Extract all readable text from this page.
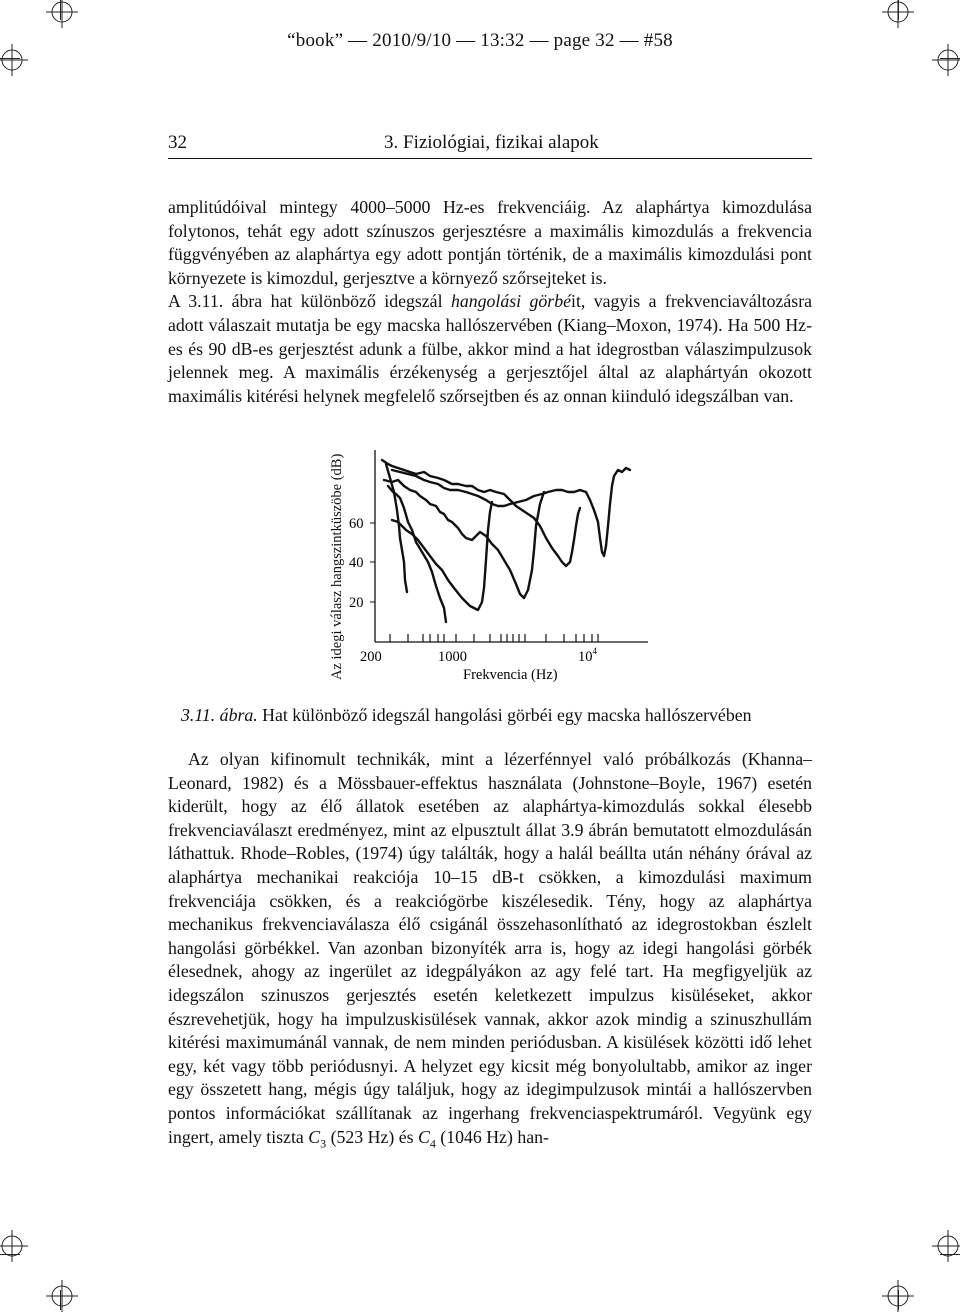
“book” — 2010/9/10 — 13:32 — page 32 — #58
32	3. Fiziológiai, fizikai alapok

amplitúdóival mintegy 4000–5000 Hz-es frekvenciáig. Az alaphártya kimozdulása folytonos, tehát egy adott színuszos gerjesztésre a maximális kimozdulás a frekvencia függvényében az alaphártya egy adott pontján történik, de a maximális kimozdulási pont környezete is kimozdul, gerjesztve a környező szőrsejteket is.

A 3.11. ábra hat különböző idegszál hangolási görbéit, vagyis a frekvenciaváltozásra adott válaszait mutatja be egy macska hallószervében (Kiang–Moxon, 1974). Ha 500 Hz-es és 90 dB-es gerjesztést adunk a fülbe, akkor mind a hat idegrostban válaszimpulzusok jelennek meg. A maximális érzékenység a gerjesztőjel által az alaphártyán okozott maximális kitérési helynek megfelelő szőrsejtben és az onnan kiinduló idegszálban van.

Az idegi válasz hangszintküszöbe (dB) 60
40
20
200	1000	$10^4$
Frekvencia (Hz)
3.11. ábra. Hat különböző idegszál hangolási görbéi egy macska hallószervében

Az olyan kifinomult technikák, mint a lézerfénnyel való próbálkozás (Khanna–Leonard, 1982) és a Mössbauer-effektus használata (Johnstone–Boyle, 1967) esetén kiderült, hogy az élő állatok esetében az alaphártya-kimozdulás sokkal élesebb frekvenciaválaszt eredményez, mint az elpusztult állat 3.9 ábrán bemutatott elmozdulásán láthattuk. Rhode–Robles, (1974) úgy találták, hogy a halál beállta után néhány órával az alaphártya mechanikai reakciója 10–15 dB-t csökken, a kimozdulási maximum frekvenciája csökken, és a reakciógörbe kiszélesedik. Tény, hogy az alaphártya mechanikus frekvenciaválasza élő csigánál összehasonlítható az idegrostokban észlelt hangolási görbékkel. Van azonban bizonyíték arra is, hogy az idegi hangolási görbék élesednek, ahogy az ingerület az idegpályákon az agy felé tart. Ha megfigyeljük az idegszálon szinuszos gerjesztés esetén keletkezett impulzus kisüléseket, akkor észrevehetjük, hogy ha impulzuskisülések vannak, akkor azok mindig a szinuszhullám kitérési maximumánál vannak, de nem minden periódusban. A kisülések közötti idő lehet egy, két vagy több periódusnyi. A helyzet egy kicsit még bonyolultabb, amikor az inger egy összetett hang, mégis úgy találjuk, hogy az idegimpulzusok mintái a hallószervben pontos információkat szállítanak az ingerhang frekvenciaspektrumáról. Vegyünk egy ingert, amely tiszta $C_3$ (523 Hz) és $C_4$ (1046 Hz) han-
